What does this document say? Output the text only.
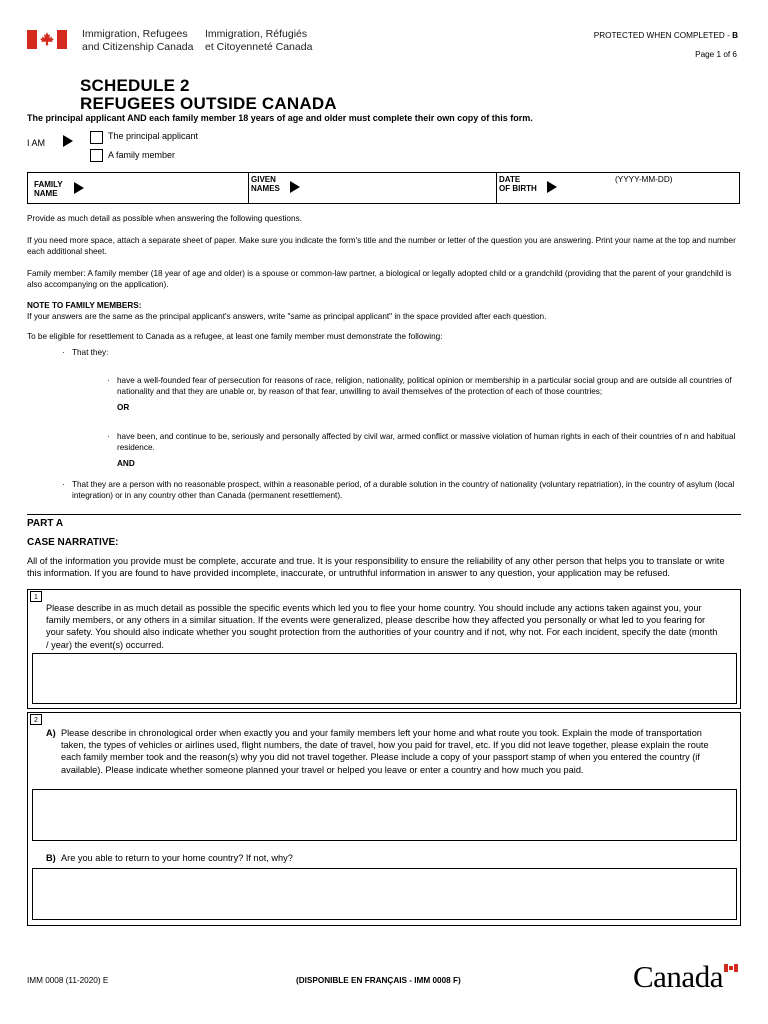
Immigration, Refugees
and Citizenship Canada
Immigration, Réfugiés
et Citoyenneté Canada
PROTECTED WHEN COMPLETED - B
Page 1 of 6
SCHEDULE 2
REFUGEES OUTSIDE CANADA
The principal applicant AND each family member 18 years of age and older must complete their own copy of this form.
I AM
The principal applicant
A family member
FAMILY
NAME
GIVEN
NAMES
DATE
OF BIRTH
(YYYY-MM-DD)
Provide as much detail as possible when answering the following questions.
If you need more space, attach a separate sheet of paper. Make sure you indicate the form's title and the number or letter of the question you are answering. Print your name at the top and number each additional sheet.
Family member: A family member (18 year of age and older) is a spouse or common-law partner, a biological or legally adopted child or a grandchild (providing that the parent of your grandchild is also accompanying on the application).
NOTE TO FAMILY MEMBERS:
If your answers are the same as the principal applicant's answers, write "same as principal applicant" in the space provided after each question.
To be eligible for resettlement to Canada as a refugee, at least one family member must demonstrate the following:
· That they:
· have a well-founded fear of persecution for reasons of race, religion, nationality, political opinion or membership in a particular social group and are outside all countries of nationality and that they are unable or, by reason of that fear, unwilling to avail themselves of the protection of each of those countries;
OR
· have been, and continue to be, seriously and personally affected by civil war, armed conflict or massive violation of human rights in each of their countries of n and habitual residence.
AND
· That they are a person with no reasonable prospect, within a reasonable period, of a durable solution in the country of nationality (voluntary repatriation), in the country of asylum (local integration) or in any country other than Canada (permanent resettlement).
PART A
CASE NARRATIVE:
All of the information you provide must be complete, accurate and true. It is your responsibility to ensure the reliability of any other person that helps you to translate or write this information. If you are found to have provided incomplete, inaccurate, or untruthful information in answer to any question, your application may be refused.
1
Please describe in as much detail as possible the specific events which led you to flee your home country. You should include any actions taken against you, your family members, or any others in a similar situation. If the events were generalized, please describe how they affected you personally or what led to you fearing for your safety. You should also indicate whether you sought protection from the authorities of your country and if not, why not. For each incident, specify the date (month / year) the event(s) occurred.
2
A) Please describe in chronological order when exactly you and your family members left your home and what route you took. Explain the mode of transportation taken, the types of vehicles or airlines used, flight numbers, the date of travel, how you paid for travel, etc. If you did not leave together, please explain the route each family member took and the reason(s) why you did not travel together. Please include a copy of your passport stamp of when you entered the country (if available). Please indicate whether someone planned your travel or helped you leave or enter a country and how much you paid.
B) Are you able to return to your home country? If not, why?
IMM 0008 (11-2020) E	(DISPONIBLE EN FRANÇAIS - IMM 0008 F)	Canada
